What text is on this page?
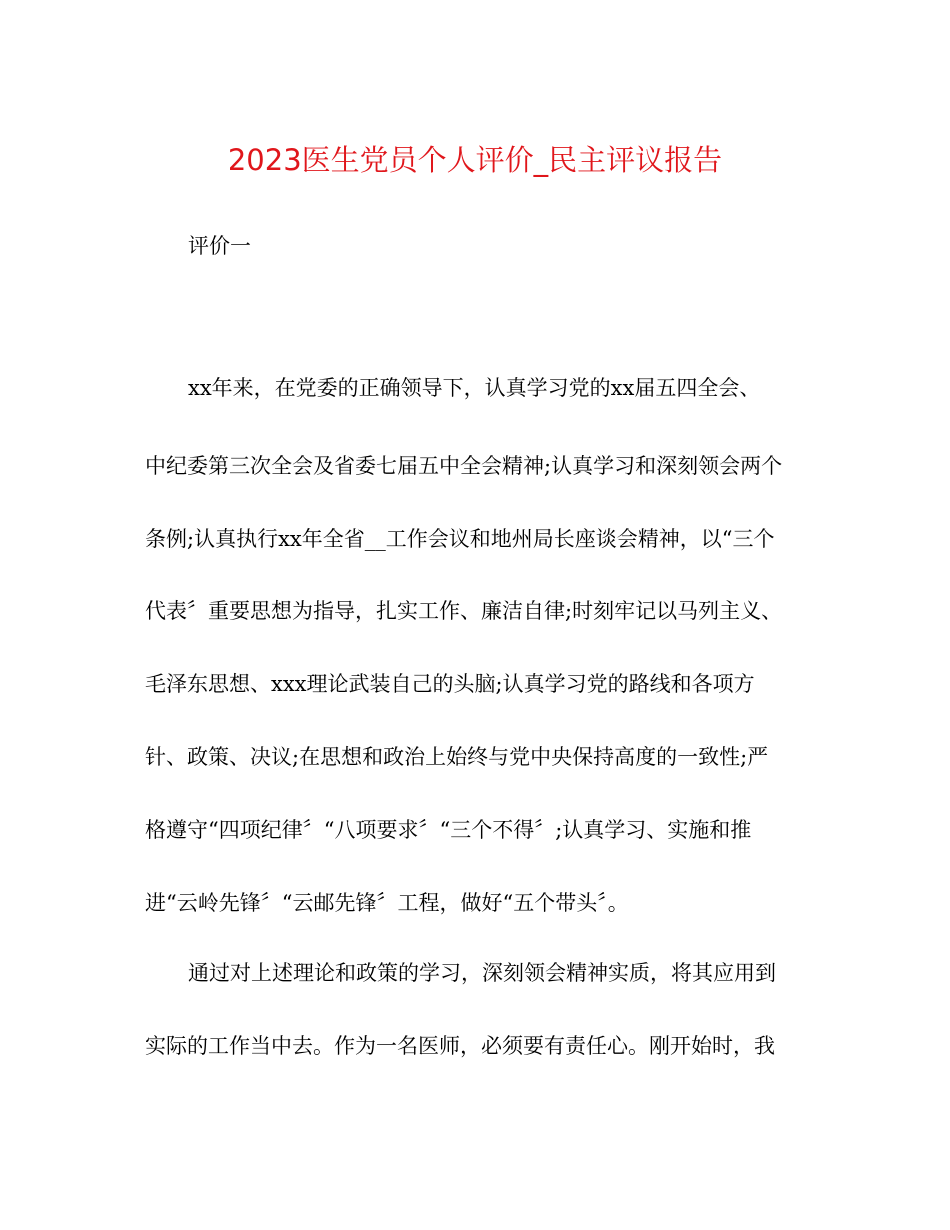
2023医生党员个人评价_民主评议报告
评价一
xx年来，在党委的正确领导下，认真学习党的xx届五四全会、
中纪委第三次全会及省委七届五中全会精神;认真学习和深刻领会两个
条例;认真执行xx年全省__工作会议和地州局长座谈会精神，以“三个
代表〞重要思想为指导，扎实工作、廉洁自律;时刻牢记以马列主义、
毛泽东思想、xxx理论武装自己的头脑;认真学习党的路线和各项方
针、政策、决议;在思想和政治上始终与党中央保持高度的一致性;严
格遵守“四项纪律〞“八项要求〞“三个不得〞;认真学习、实施和推
进“云岭先锋〞“云邮先锋〞工程，做好“五个带头〞。
通过对上述理论和政策的学习，深刻领会精神实质，将其应用到
实际的工作当中去。作为一名医师，必须要有责任心。刚开始时，我
